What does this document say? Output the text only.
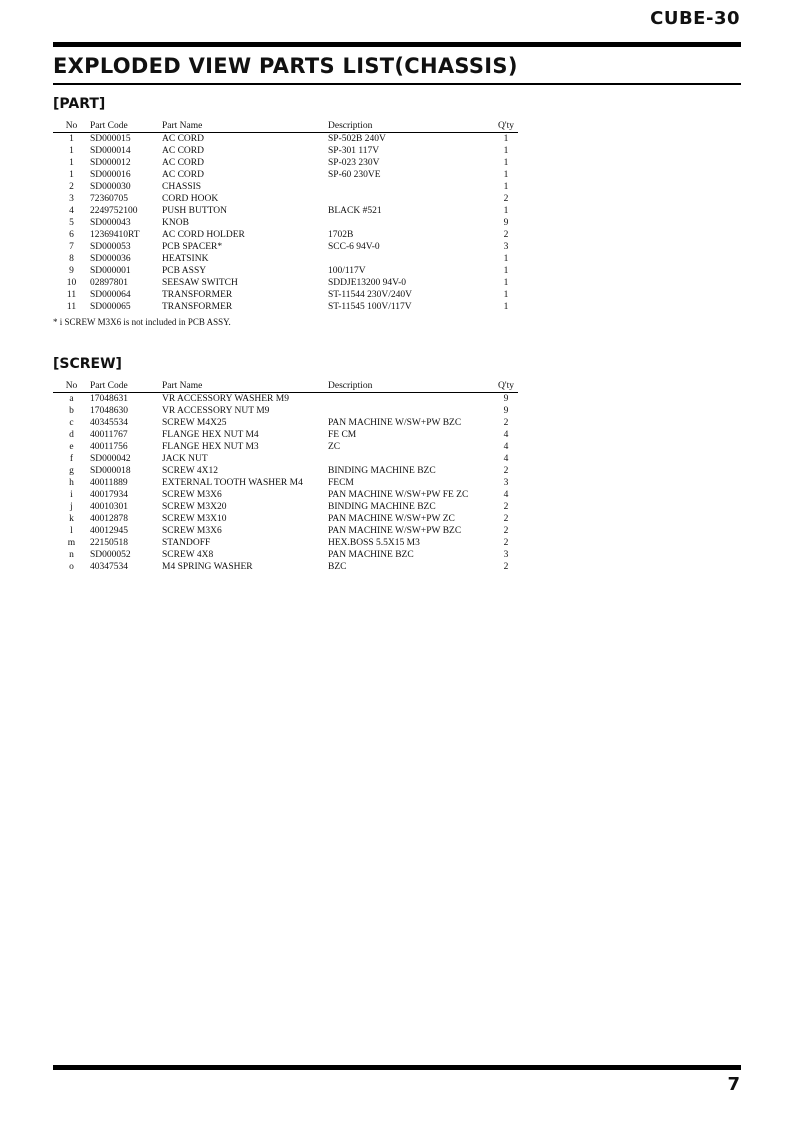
CUBE-30
EXPLODED VIEW PARTS LIST(CHASSIS)
[PART]
No	Part Code	Part Name	Description	Q'ty
1	SD000015	AC CORD	SP-502B 240V	1
1	SD000014	AC CORD	SP-301 117V	1
1	SD000012	AC CORD	SP-023 230V	1
1	SD000016	AC CORD	SP-60 230VE	1
2	SD000030	CHASSIS		1
3	72360705	CORD HOOK		2
4	2249752100	PUSH BUTTON	BLACK #521	1
5	SD000043	KNOB		9
6	12369410RT	AC CORD HOLDER	1702B	2
7	SD000053	PCB SPACER*	SCC-6 94V-0	3
8	SD000036	HEATSINK		1
9	SD000001	PCB ASSY	100/117V	1
10	02897801	SEESAW SWITCH	SDDJE13200 94V-0	1
11	SD000064	TRANSFORMER	ST-11544 230V/240V	1
11	SD000065	TRANSFORMER	ST-11545 100V/117V	1
* i SCREW M3X6 is not included in PCB ASSY.
[SCREW]
No	Part Code	Part Name	Description	Q'ty
a	17048631	VR ACCESSORY WASHER M9		9
b	17048630	VR ACCESSORY NUT M9		9
c	40345534	SCREW M4X25	PAN MACHINE W/SW+PW BZC	2
d	40011767	FLANGE HEX NUT M4	FE CM	4
e	40011756	FLANGE HEX NUT M3	ZC	4
f	SD000042	JACK NUT		4
g	SD000018	SCREW 4X12	BINDING MACHINE BZC	2
h	40011889	EXTERNAL TOOTH WASHER M4	FECM	3
i	40017934	SCREW M3X6	PAN MACHINE W/SW+PW FE ZC	4
j	40010301	SCREW M3X20	BINDING MACHINE BZC	2
k	40012878	SCREW M3X10	PAN MACHINE W/SW+PW ZC	2
l	40012945	SCREW M3X6	PAN MACHINE W/SW+PW BZC	2
m	22150518	STANDOFF	HEX.BOSS 5.5X15 M3	2
n	SD000052	SCREW 4X8	PAN MACHINE BZC	3
o	40347534	M4 SPRING WASHER	BZC	2
7
